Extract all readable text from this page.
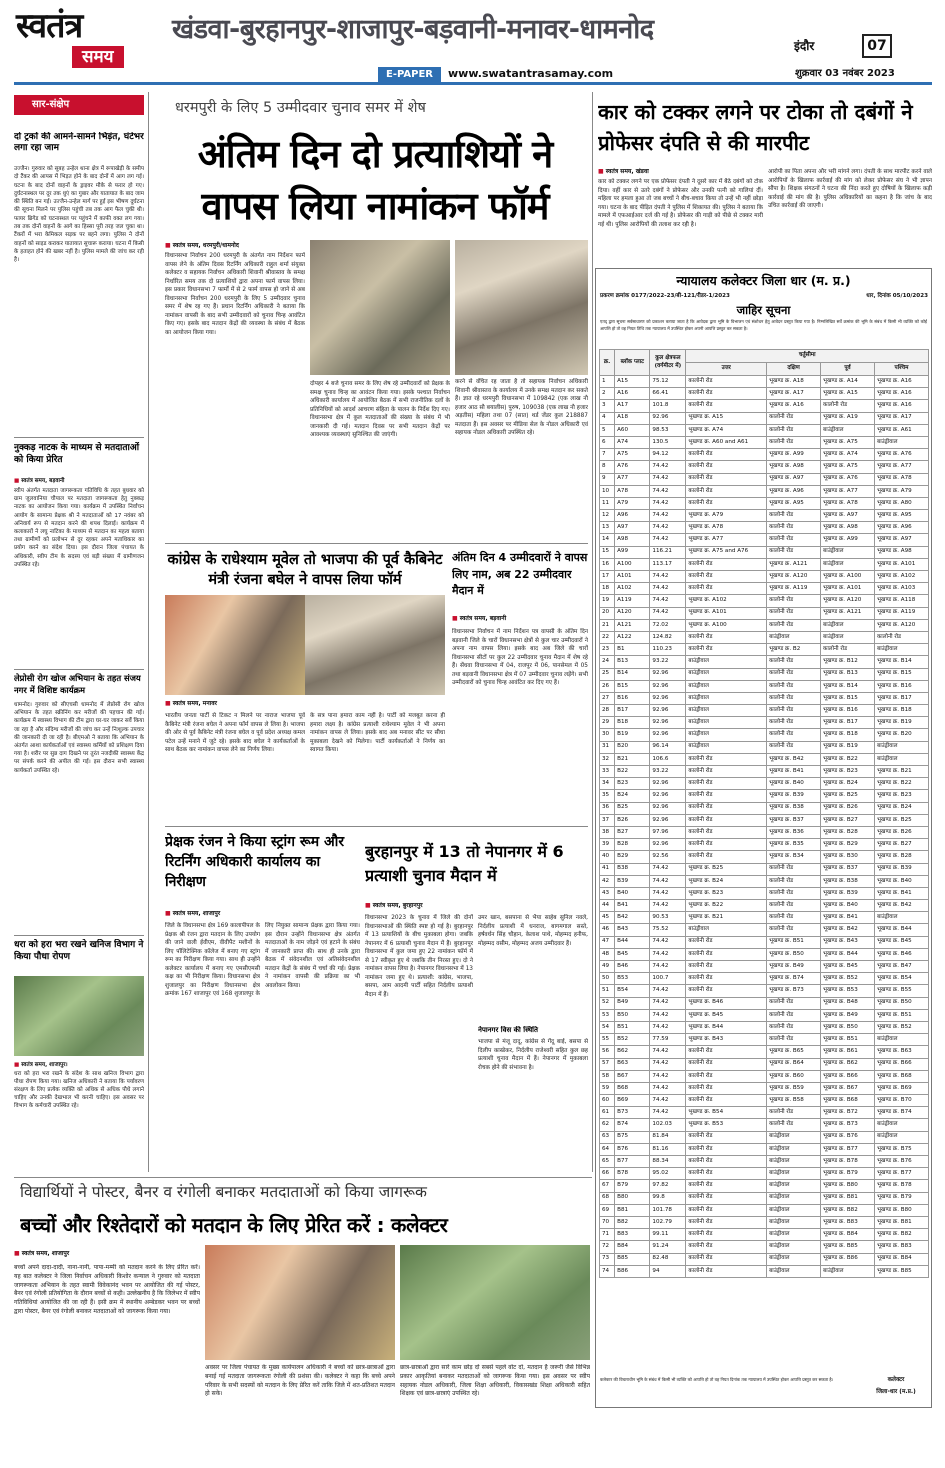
स्वतंत्र
समय
खंडवा-बुरहानपुर-शाजापुर-बड़वानी-मनावर-धामनोद
इंदौर	07
E-PAPER	www.swatantrasamay.com	शुक्रवार 03 नवंबर 2023
सार-संक्षेप
दो ट्रकों की आमने-सामने भिड़ंत, घंटेभर लगा रहा जाम
उज्जैन। गुरुवार को सुबह उन्हेल थाना क्षेत्र में रूपाखेड़ी के समीप दो टैंकर की आपस में भिड़त होने के बाद दोनों में आग लग गई। घटना के बाद दोनों वाहनों के ड्राइवर मौके से फरार हो गए। दुर्घटनास्थल पर दूर तक धुएं का गुबार और यातायात के बाद जाम की स्थिति बन गई। उज्जैन-उन्हेल मार्ग पर हुई इस भीषण दुर्घटना की सूचना मिलने पर पुलिस पहुंची तब तक आग फैल चुकी थी। फायर ब्रिगेड को घटनास्थल पर पहुंचने में काफी वक्त लग गया। तब तक दोनों वाहनों के आगे का हिस्सा पूरी तरह जल चुका था। टैंकरों में भरा केमिकल सड़क पर बहने लगा। पुलिस ने दोनों वाहनों को साइड कराकर यातायात सुचारू कराया। घटना में किसी के हताहत होने की खबर नहीं है। पुलिस मामले की जांच कर रही है।
नुक्कड़ नाटक के माध्यम से मतदाताओं को किया प्रेरित
■ स्वतंत्र समय, बड़वानी
स्वीप अंतर्गत मतदाता जागरूकता गतिविधि के तहत बुधवार को ग्राम जुलवानिया चौपाल पर मतदाता जागरूकता हेतु नुक्कड़ नाटक का आयोजन किया गया। कार्यक्रम में उपस्थित निर्वाचन आयोग के सामान्य प्रेक्षक श्री ने मतदाताओं को 17 नवंबर को अनिवार्य रूप से मतदान करने की शपथ दिलाई। कार्यक्रम में कलाकारों ने लघु नाटिका के माध्यम से मतदान का महत्व बताया तथा ग्रामीणों को प्रलोभन से दूर रहकर अपने मताधिकार का प्रयोग करने का संदेश दिया। इस दौरान जिला पंचायत के अधिकारी, स्वीप टीम के सदस्य एवं बड़ी संख्या में ग्रामीणजन उपस्थित रहे।
लेप्रोसी रोग खोज अभियान के तहत संजय नगर में विशिष्ट कार्यक्रम
धामनोद। गुरुवार को सीएचसी धामनोद में लेप्रोसी रोग खोज अभियान के तहत स्क्रीनिंग कर मरीजों की पहचान की गई। कार्यक्रम में स्वास्थ्य विभाग की टीम द्वारा घर-घर जाकर सर्वे किया जा रहा है और संदिग्ध मरीजों की जांच कर उन्हें निःशुल्क उपचार की जानकारी दी जा रही है। बीएमओ ने बताया कि अभियान के अंतर्गत आशा कार्यकर्ताओं एवं स्वास्थ्य कर्मियों को प्रशिक्षण दिया गया है। शरीर पर सुन्न दाग दिखने पर तुरंत नजदीकी स्वास्थ्य केंद्र पर संपर्क करने की अपील की गई। इस दौरान सभी स्वास्थ्य कार्यकर्ता उपस्थित रहे।
धरा को हरा भरा रखने खनिज विभाग ने किया पौधा रोपण
■ स्वतंत्र समय, शाजापुर।
धरा को हरा भरा रखने के संदेश के साथ खनिज विभाग द्वारा पौधा रोपण किया गया। खनिज अधिकारी ने बताया कि पर्यावरण संरक्षण के लिए प्रत्येक व्यक्ति को अधिक से अधिक पौधे लगाने चाहिए और उनकी देखभाल भी करनी चाहिए। इस अवसर पर विभाग के कर्मचारी उपस्थित रहे।
धरमपुरी के लिए 5 उम्मीदवार चुनाव समर में शेष
अंतिम दिन दो प्रत्याशियों ने वापस लिया नामांकन फॉर्म
■ स्वतंत्र समय, धरमपुरी/धामनोद
विधानसभा निर्वाचन 200 धरमपुरी के अंतर्गत नाम निर्देशन फार्म वापस लेने के अंतिम दिवस रिटर्निंग अधिकारी राहुल शर्मा संयुक्त कलेक्टर व सहायक निर्वाचन अधिकारी शिवानी श्रीवास्तव के समक्ष निर्धारित समय तक दो प्रत्याशियों द्वारा अपना फार्म वापस लिया। इस प्रकार विधानसभा 7 फार्मों में से 2 फार्म वापस हो जाने से अब विधानसभा निर्वाचन 200 धरमपुरी के लिए 5 उम्मीदवार चुनाव समर में शेष रह गए हैं। प्रधान रिटर्निंग अधिकारी ने बताया कि नामांकन वापसी के बाद सभी उम्मीदवारों को चुनाव चिन्ह आवंटित किए गए। इसके बाद मतदान केंद्रों की व्यवस्था के संबंध में बैठक का आयोजन किया गया।
दोपहर 4 बजे चुनाव समर के लिए शेष रहे उम्मीदवारों को प्रेक्षक के समक्ष चुनाव चिन्ह का आवंटन किया गया। इसके पश्चात निर्वाचन अधिकारी कार्यालय में आयोजित बैठक में सभी राजनीतिक दलों के प्रतिनिधियों को आदर्श आचरण संहिता के पालन के निर्देश दिए गए। विधानसभा क्षेत्र में कुल मतदाताओं की संख्या के संबंध में भी जानकारी दी गई। मतदान दिवस पर सभी मतदान केंद्रों पर आवश्यक व्यवस्थाएं सुनिश्चित की जाएंगी।
करने से वंचित रह जाता है तो सहायक निर्वाचन अधिकारी शिवानी श्रीवास्तव के कार्यालय में उनके समक्ष मतदान कर सकते हैं। ज्ञात रहे धरमपुरी विधानसभा में 109842 (एक लाख नौ हजार आठ सौ बयालीस) पुरुष, 109038 (एक लाख नौ हजार अड़तीस) महिला तथा 07 (सात) थर्ड जेंडर कुल 218887 मतदाता हैं। इस अवसर पर मीडिया सेल के नोडल अधिकारी एवं सहायक नोडल अधिकारी उपस्थित रहे।
कांग्रेस के राधेश्याम मूवेल तो भाजपा की पूर्व कैबिनेट मंत्री रंजना बघेल ने वापस लिया फॉर्म
■ स्वतंत्र समय, मनावर
भारतीय जनता पार्टी से टिकट न मिलने पर नाराज भाजपा पूर्व कैबिनेट मंत्री रंजना बघेल ने अपना फॉर्म वापस ले लिया है। भाजपा की ओर से पूर्व कैबिनेट मंत्री रंजना बघेल व पूर्व प्रदेश अध्यक्ष कमल पटेल उन्हें मनाने में जुटे रहे। इसके बाद बघेल ने कार्यकर्ताओं के साथ बैठक कर नामांकन वापस लेने का निर्णय लिया।
के सत्र पाना हमारा काम नहीं है। पार्टी को मजबूत करना ही हमारा लक्ष्य है। कांग्रेस प्रत्याशी राधेश्याम मूवेल ने भी अपना नामांकन वापस ले लिया। इसके बाद अब मनावर सीट पर सीधा मुकाबला देखने को मिलेगा। पार्टी कार्यकर्ताओं ने निर्णय का स्वागत किया।
अंतिम दिन 4 उम्मीदवारों ने वापस लिए नाम, अब 22 उम्मीदवार मैदान में
■ स्वतंत्र समय, बड़वानी
विधानसभा निर्वाचन में नाम निर्देशन पत्र वापसी के अंतिम दिन बड़वानी जिले के चारों विधानसभा क्षेत्रों से कुल चार उम्मीदवारों ने अपना नाम वापस लिया। इसके बाद अब जिले की चारों विधानसभा सीटों पर कुल 22 उम्मीदवार चुनाव मैदान में शेष रहे हैं। सेंधवा विधानसभा में 04, राजपुर में 06, पानसेमल में 05 तथा बड़वानी विधानसभा क्षेत्र में 07 उम्मीदवार चुनाव लड़ेंगे। सभी उम्मीदवारों को चुनाव चिन्ह आवंटित कर दिए गए हैं।
प्रेक्षक रंजन ने किया स्ट्रांग रूम और रिटर्निंग अधिकारी कार्यालय का निरीक्षण
■ स्वतंत्र समय, शाजापुर
जिले के विधानसभा क्षेत्र 169 कालापीपल के प्रेक्षक श्री रंजन द्वारा मतदान के लिए उपयोग की जाने वाली ईवीएम, वीवीपैट मशीनों के लिए पॉलिटेक्निक कॉलेज में बनाए गए स्ट्रांग रूम का निरीक्षण किया गया। साथ ही उन्होंने कलेक्टर कार्यालय में बनाए गए एमसीएमसी कक्ष का भी निरीक्षण किया। विधानसभा क्षेत्र शुजालपुर का निरीक्षण विधानसभा क्षेत्र क्रमांक 167 शाजापुर एवं 168 शुजालपुर के लिए नियुक्त सामान्य प्रेक्षक द्वारा किया गया। इस दौरान उन्होंने विधानसभा क्षेत्र अंतर्गत मतदाताओं के नाम जोड़ने एवं हटाने के संबंध में जानकारी प्राप्त की। साथ ही उनके द्वारा बैठक में संवेदनशील एवं अतिसंवेदनशील मतदान केंद्रों के संबंध में चर्चा की गई। प्रेक्षक ने नामांकन वापसी की प्रक्रिया का भी अवलोकन किया।
बुरहानपुर में 13 तो नेपानगर में 6 प्रत्याशी चुनाव मैदान में
■ स्वतंत्र समय, बुरहानपुर
विधानसभा 2023 के चुनाव में जिले की दोनों विधानसभाओं की स्थिति स्पष्ट हो गई है। बुरहानपुर में 13 प्रत्याशियों के बीच मुकाबला होगा। जबकि नेपानगर में 6 प्रत्याशी चुनाव मैदान में हैं। बुरहानपुर विधानसभा में कुल जमा हुए 22 नामांकन फॉर्म में से 17 स्वीकृत हुए थे जबकि तीन निरस्त हुए। दो ने नामांकन वापस लिया है। नेपानगर विधानसभा में 13 नामांकन जमा हुए थे। प्रत्याशी: कांग्रेस, भाजपा, बसपा, आम आदमी पार्टी सहित निर्दलीय प्रत्याशी मैदान में हैं।
उमर खान, बसपाना से भैया साहेब सुनिल नवले, निर्दलीय प्रत्याशी में धनराज, बागमगाल सस्ते, हर्षवर्धन सिंह चौहान, केलाश पाथे, मोहम्मद हनीफ, मोहम्मद वसीम, मोहम्मद अजय उम्मीदवार हैं।
नेपानगर विस की स्थिति
भाजपा से मंजू दादू, कांग्रेस से गेंदू बाई, बसपा से दिलीप कास्डेकर, निर्दलीय राजेश्वरी सहित कुल छह प्रत्याशी चुनाव मैदान में हैं। नेपानगर में मुकाबला रोचक होने की संभावना है।
कार को टक्कर लगने पर टोका तो दबंगों ने प्रोफेसर दंपति से की मारपीट
■ स्वतंत्र समय, खंडवा
कार को टक्कर लगने पर एक प्रोफेसर दंपती ने दूसरे कार में बैठे दबंगों को टोक दिया। वहीं कार से उतरे दबंगों ने प्रोफेसर और उनकी पत्नी को गालियां दीं। महिला पर हमला हुआ तो जब बच्चों ने बीच-बचाव किया तो उन्हें भी नहीं छोड़ा गया। घटना के बाद पीड़ित दंपती ने पुलिस में शिकायत की। पुलिस ने बताया कि मामले में एफआईआर दर्ज की गई है। प्रोफेसर की गाड़ी को पीछे से टक्कर मारी गई थी। पुलिस आरोपियों की तलाश कर रही है।
आरोपी का पिता अपना और भरी मांगने लगा। दंपती के साथ मारपीट करने वाले आरोपियों के खिलाफ कार्रवाई की मांग को लेकर प्रोफेसर संघ ने भी ज्ञापन सौंपा है। शिक्षक संगठनों ने घटना की निंदा करते हुए दोषियों के खिलाफ कड़ी कार्रवाई की मांग की है। पुलिस अधिकारियों का कहना है कि जांच के बाद उचित कार्रवाई की जाएगी।
न्यायालय कलेक्टर जिला धार (म. प्र.)
प्रकरण क्रमांक 0177/2022-23/बी-121/रीडर-1/2023	धार, दिनांक 05/10/2023
जाहिर सूचना
एतद् द्वारा सूचना सर्वसाधारण को प्रकाशन कराया जाता है कि आवेदक द्वारा भूमि के विभाजन एवं संशोधन हेतु आवेदन प्रस्तुत किया गया है। निम्नलिखित सर्वे क्रमांक की भूमि के संबंध में किसी भी व्यक्ति को कोई आपत्ति हो तो वह नियत तिथि तक न्यायालय में उपस्थित होकर अपनी आपत्ति प्रस्तुत कर सकता है।
क्र.	ब्लॉक प्लाट	कुल क्षेत्रफल (वर्गमीटर में)	चर्तुसीमा			
			उत्तर	दक्षिण	पूर्व	पश्चिम
1	A15	75.12	कालोनी रोड	भूखण्ड क्र. A18	भूखण्ड क्र. A14	भूखण्ड क्र. A16
2	A16	66.41	कालोनी रोड	भूखण्ड क्र. A17	भूखण्ड क्र. A15	भूखण्ड क्र. A16
3	A17	101.8	कालोनी रोड	भूखण्ड क्र. A16	कालोनी रोड	भूखण्ड क्र. A16
4	A18	92.96	भूखण्ड क्र. A15	कालोनी रोड	भूखण्ड क्र. A19	भूखण्ड क्र. A17
5	A60	98.53	भूखण्ड क्र. A74	कालोनी रोड	बाउंड्रीवाल	भूखण्ड क्र. A61
6	A74	130.5	भूखण्ड क्र. A60 and A61	कालोनी रोड	भूखण्ड क्र. A75	बाउंड्रीवाल
7	A75	94.12	कालोनी रोड	भूखण्ड क्र. A99	भूखण्ड क्र. A74	भूखण्ड क्र. A76
8	A76	74.42	कालोनी रोड	भूखण्ड क्र. A98	भूखण्ड क्र. A75	भूखण्ड क्र. A77
9	A77	74.42	कालोनी रोड	भूखण्ड क्र. A97	भूखण्ड क्र. A76	भूखण्ड क्र. A78
10	A78	74.42	कालोनी रोड	भूखण्ड क्र. A96	भूखण्ड क्र. A77	भूखण्ड क्र. A79
11	A79	74.42	कालोनी रोड	भूखण्ड क्र. A95	भूखण्ड क्र. A78	भूखण्ड क्र. A80
12	A96	74.42	भूखण्ड क्र. A79	कालोनी रोड	भूखण्ड क्र. A97	भूखण्ड क्र. A95
13	A97	74.42	भूखण्ड क्र. A78	कालोनी रोड	भूखण्ड क्र. A98	भूखण्ड क्र. A96
14	A98	74.42	भूखण्ड क्र. A77	कालोनी रोड	भूखण्ड क्र. A99	भूखण्ड क्र. A97
15	A99	116.21	भूखण्ड क्र. A75 and A76	कालोनी रोड	बाउंड्रीवाल	भूखण्ड क्र. A98
16	A100	113.17	कालोनी रोड	भूखण्ड क्र. A121	बाउंड्रीवाल	भूखण्ड क्र. A101
17	A101	74.42	कालोनी रोड	भूखण्ड क्र. A120	भूखण्ड क्र. A100	भूखण्ड क्र. A102
18	A102	74.42	कालोनी रोड	भूखण्ड क्र. A119	भूखण्ड क्र. A101	भूखण्ड क्र. A103
19	A119	74.42	भूखण्ड क्र. A102	कालोनी रोड	भूखण्ड क्र. A120	भूखण्ड क्र. A118
20	A120	74.42	भूखण्ड क्र. A101	कालोनी रोड	भूखण्ड क्र. A121	भूखण्ड क्र. A119
21	A121	72.02	भूखण्ड क्र. A100	कालोनी रोड	बाउंड्रीवाल	भूखण्ड क्र. A120
22	A122	124.82	कालोनी रोड	बाउंड्रीवाल	बाउंड्रीवाल	कालोनी रोड
23	B1	110.23	कालोनी रोड	भूखण्ड क्र. B2	कालोनी रोड	बाउंड्रीवाल
24	B13	93.22	बाउंड्रीवाल	कालोनी रोड	भूखण्ड क्र. B12	भूखण्ड क्र. B14
25	B14	92.96	बाउंड्रीवाल	कालोनी रोड	भूखण्ड क्र. B13	भूखण्ड क्र. B15
26	B15	92.96	बाउंड्रीवाल	कालोनी रोड	भूखण्ड क्र. B14	भूखण्ड क्र. B16
27	B16	92.96	बाउंड्रीवाल	कालोनी रोड	भूखण्ड क्र. B15	भूखण्ड क्र. B17
28	B17	92.96	बाउंड्रीवाल	कालोनी रोड	भूखण्ड क्र. B16	भूखण्ड क्र. B18
29	B18	92.96	बाउंड्रीवाल	कालोनी रोड	भूखण्ड क्र. B17	भूखण्ड क्र. B19
30	B19	92.96	बाउंड्रीवाल	कालोनी रोड	भूखण्ड क्र. B18	भूखण्ड क्र. B20
31	B20	96.14	बाउंड्रीवाल	कालोनी रोड	भूखण्ड क्र. B19	बाउंड्रीवाल
32	B21	106.6	कालोनी रोड	भूखण्ड क्र. B42	भूखण्ड क्र. B22	बाउंड्रीवाल
33	B22	93.22	कालोनी रोड	भूखण्ड क्र. B41	भूखण्ड क्र. B23	भूखण्ड क्र. B21
34	B23	92.96	कालोनी रोड	भूखण्ड क्र. B40	भूखण्ड क्र. B24	भूखण्ड क्र. B22
35	B24	92.96	कालोनी रोड	भूखण्ड क्र. B39	भूखण्ड क्र. B25	भूखण्ड क्र. B23
36	B25	92.96	कालोनी रोड	भूखण्ड क्र. B38	भूखण्ड क्र. B26	भूखण्ड क्र. B24
37	B26	92.96	कालोनी रोड	भूखण्ड क्र. B37	भूखण्ड क्र. B27	भूखण्ड क्र. B25
38	B27	97.96	कालोनी रोड	भूखण्ड क्र. B36	भूखण्ड क्र. B28	भूखण्ड क्र. B26
39	B28	92.96	कालोनी रोड	भूखण्ड क्र. B35	भूखण्ड क्र. B29	भूखण्ड क्र. B27
40	B29	92.56	कालोनी रोड	भूखण्ड क्र. B34	भूखण्ड क्र. B30	भूखण्ड क्र. B28
41	B38	74.42	भूखण्ड क्र. B25	कालोनी रोड	भूखण्ड क्र. B37	भूखण्ड क्र. B39
42	B39	74.42	भूखण्ड क्र. B24	कालोनी रोड	भूखण्ड क्र. B38	भूखण्ड क्र. B40
43	B40	74.42	भूखण्ड क्र. B23	कालोनी रोड	भूखण्ड क्र. B39	भूखण्ड क्र. B41
44	B41	74.42	भूखण्ड क्र. B22	कालोनी रोड	भूखण्ड क्र. B40	भूखण्ड क्र. B42
45	B42	90.53	भूखण्ड क्र. B21	कालोनी रोड	भूखण्ड क्र. B41	बाउंड्रीवाल
46	B43	75.52	बाउंड्रीवाल	कालोनी रोड	भूखण्ड क्र. B42	भूखण्ड क्र. B44
47	B44	74.42	कालोनी रोड	भूखण्ड क्र. B51	भूखण्ड क्र. B43	भूखण्ड क्र. B45
48	B45	74.42	कालोनी रोड	भूखण्ड क्र. B50	भूखण्ड क्र. B44	भूखण्ड क्र. B46
49	B46	74.42	कालोनी रोड	भूखण्ड क्र. B49	भूखण्ड क्र. B45	भूखण्ड क्र. B47
50	B53	100.7	कालोनी रोड	भूखण्ड क्र. B74	भूखण्ड क्र. B52	भूखण्ड क्र. B54
51	B54	74.42	कालोनी रोड	भूखण्ड क्र. B73	भूखण्ड क्र. B53	भूखण्ड क्र. B55
52	B49	74.42	भूखण्ड क्र. B46	कालोनी रोड	भूखण्ड क्र. B48	भूखण्ड क्र. B50
53	B50	74.42	भूखण्ड क्र. B45	कालोनी रोड	भूखण्ड क्र. B49	भूखण्ड क्र. B51
54	B51	74.42	भूखण्ड क्र. B44	कालोनी रोड	भूखण्ड क्र. B50	भूखण्ड क्र. B52
55	B52	77.59	भूखण्ड क्र. B43	कालोनी रोड	भूखण्ड क्र. B51	बाउंड्रीवाल
56	B62	74.42	कालोनी रोड	भूखण्ड क्र. B65	भूखण्ड क्र. B61	भूखण्ड क्र. B63
57	B63	74.42	कालोनी रोड	भूखण्ड क्र. B64	भूखण्ड क्र. B62	भूखण्ड क्र. B66
58	B67	74.42	कालोनी रोड	भूखण्ड क्र. B60	भूखण्ड क्र. B66	भूखण्ड क्र. B68
59	B68	74.42	कालोनी रोड	भूखण्ड क्र. B59	भूखण्ड क्र. B67	भूखण्ड क्र. B69
60	B69	74.42	कालोनी रोड	भूखण्ड क्र. B58	भूखण्ड क्र. B68	भूखण्ड क्र. B70
61	B73	74.42	भूखण्ड क्र. B54	कालोनी रोड	भूखण्ड क्र. B72	भूखण्ड क्र. B74
62	B74	102.03	भूखण्ड क्र. B53	कालोनी रोड	भूखण्ड क्र. B73	बाउंड्रीवाल
63	B75	81.84	कालोनी रोड	बाउंड्रीवाल	भूखण्ड क्र. B76	बाउंड्रीवाल
64	B76	81.16	कालोनी रोड	बाउंड्रीवाल	भूखण्ड क्र. B77	भूखण्ड क्र. B75
65	B77	88.34	कालोनी रोड	बाउंड्रीवाल	भूखण्ड क्र. B78	भूखण्ड क्र. B76
66	B78	95.02	कालोनी रोड	बाउंड्रीवाल	भूखण्ड क्र. B79	भूखण्ड क्र. B77
67	B79	97.82	कालोनी रोड	बाउंड्रीवाल	भूखण्ड क्र. B80	भूखण्ड क्र. B78
68	B80	99.8	कालोनी रोड	बाउंड्रीवाल	भूखण्ड क्र. B81	भूखण्ड क्र. B79
69	B81	101.78	कालोनी रोड	बाउंड्रीवाल	भूखण्ड क्र. B82	भूखण्ड क्र. B80
70	B82	102.79	कालोनी रोड	बाउंड्रीवाल	भूखण्ड क्र. B83	भूखण्ड क्र. B81
71	B83	99.11	कालोनी रोड	बाउंड्रीवाल	भूखण्ड क्र. B84	भूखण्ड क्र. B82
72	B84	91.24	कालोनी रोड	बाउंड्रीवाल	भूखण्ड क्र. B85	भूखण्ड क्र. B83
73	B85	82.48	कालोनी रोड	बाउंड्रीवाल	भूखण्ड क्र. B86	भूखण्ड क्र. B84
74	B86	94	कालोनी रोड	बाउंड्रीवाल	बाउंड्रीवाल	भूखण्ड क्र. B85
कलेक्टर की विचाराधीन भूमि के संबंध में किसी भी व्यक्ति को आपत्ति हो तो वह नियत दिनांक तक न्यायालय में उपस्थित होकर आपत्ति प्रस्तुत कर सकता है।	कलेक्टर
जिला-धार (म.प्र.)
विद्यार्थियों ने पोस्टर, बैनर व रंगोली बनाकर मतदाताओं को किया जागरूक
बच्चों और रिश्तेदारों को मतदान के लिए प्रेरित करें : कलेक्टर
■ स्वतंत्र समय, शाजापुर
बच्चों अपने दादा-दादी, नाना-नानी, पापा-मम्मी को मतदान करने के लिए प्रेरित करें। यह बात कलेक्टर ने जिला निर्वाचन अधिकारी किशोर कन्याल ने गुरुवार को मतदाता जागरूकता अभियान के तहत स्वामी विवेकानंद भवन पर आयोजित की गई पोस्टर, बैनर एवं रंगोली प्रतियोगिता के दौरान बच्चों से कही। उल्लेखनीय है कि जिलेभर में स्वीप गतिविधियां आयोजित की जा रही हैं। इसी क्रम में स्थानीय अम्बेडकर भवन पर बच्चों द्वारा पोस्टर, बैनर एवं रंगोली बनाकर मतदाताओं को जागरूक किया गया।
अवसर पर जिला पंचायत के मुख्य कार्यपालन अधिकारी ने बच्चों को छात्र-छात्राओं द्वारा बनाई गई मतदाता जागरूकता रंगोली की प्रशंसा की। कलेक्टर ने कहा कि बच्चे अपने परिवार के सभी सदस्यों को मतदान के लिए प्रेरित करें ताकि जिले में शत-प्रतिशत मतदान हो सके।
छात्र-छात्राओं द्वारा सारे काम छोड़ दो सबसे पहले वोट दो, मतदान है जरूरी जैसे विभिन्न प्रकार आकृतियां बनाकर मतदाताओं को जागरूक किया गया। इस अवसर पर स्वीप सहायक नोडल अधिकारी, जिला शिक्षा अधिकारी, विकासखंड शिक्षा अधिकारी सहित शिक्षक एवं छात्र-छात्राएं उपस्थित रहे।
